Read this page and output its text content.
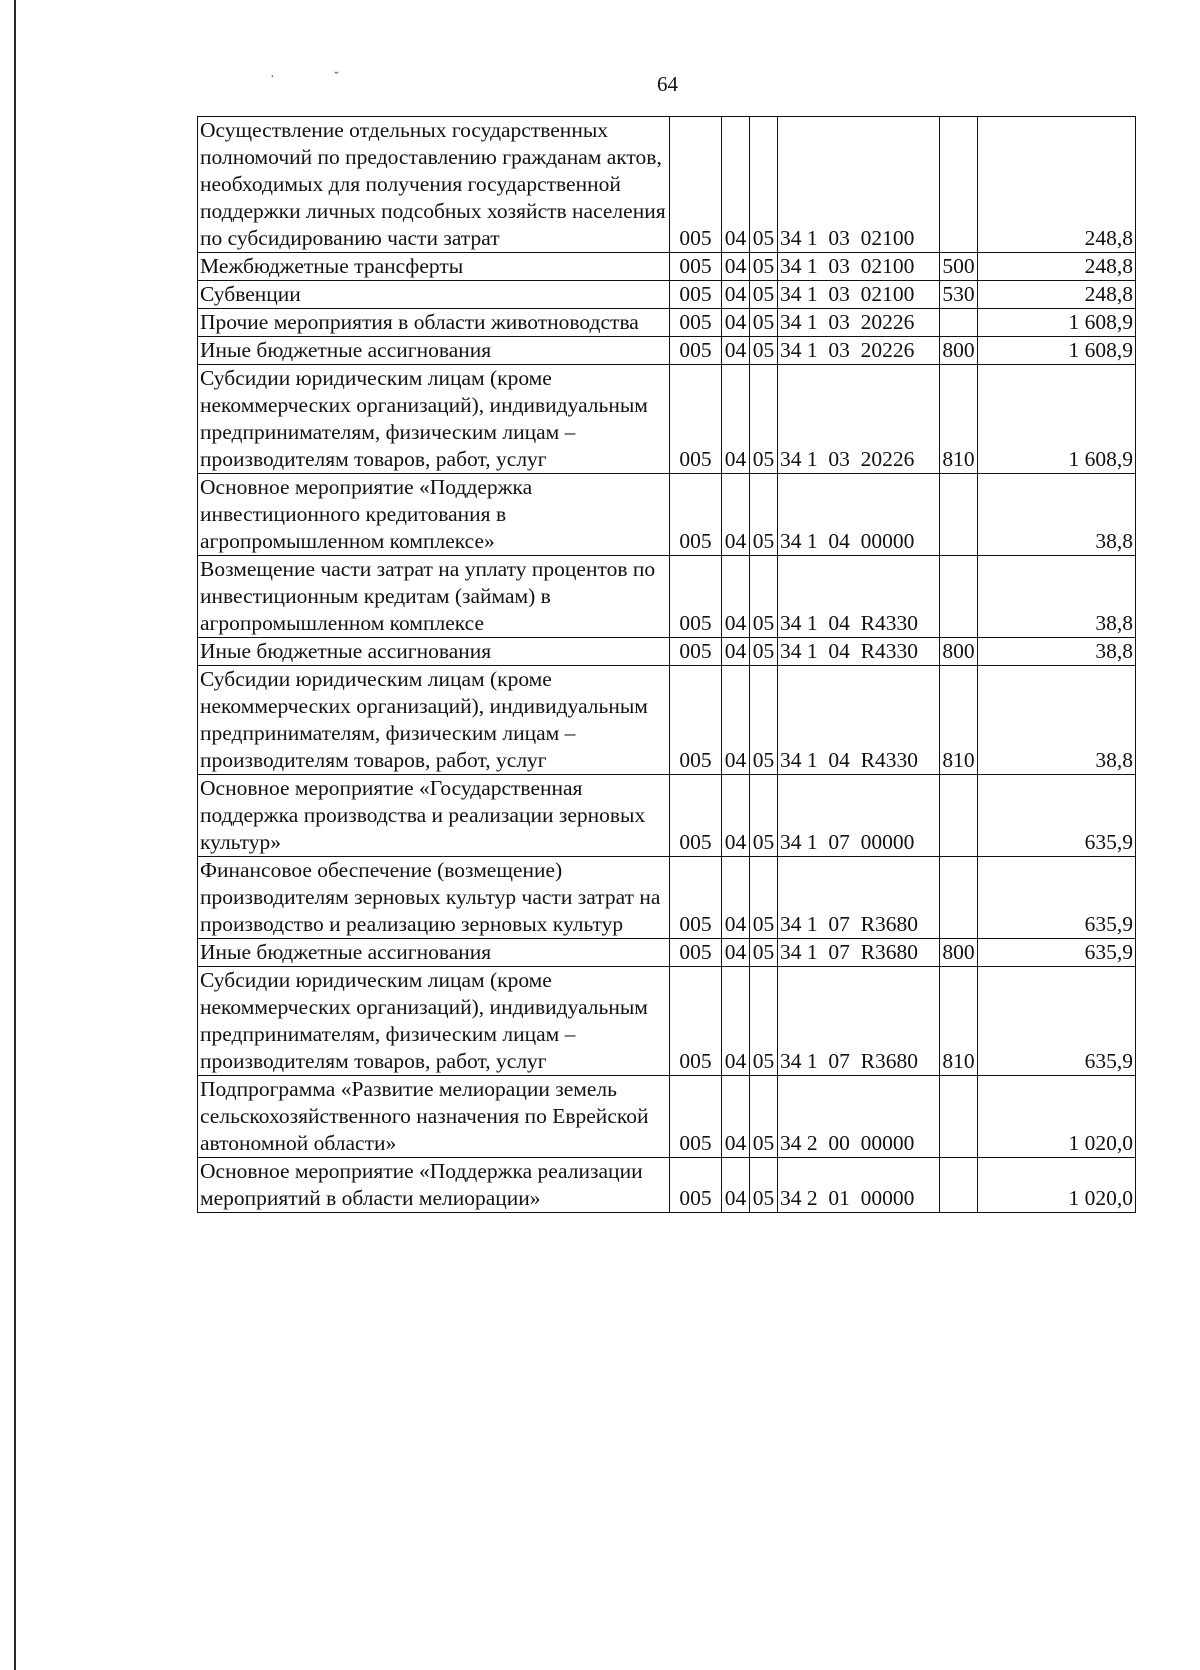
· ˘	64
Осуществление отдельных государственных полномочий по предоставлению гражданам актов, необходимых для получения государственной поддержки личных подсобных хозяйств населения по субсидированию части затрат	005	04	05	34 1  03  02100		248,8
Межбюджетные трансферты	005	04	05	34 1  03  02100	500	248,8
Субвенции	005	04	05	34 1  03  02100	530	248,8
Прочие мероприятия в области животноводства	005	04	05	34 1  03  20226		1 608,9
Иные бюджетные ассигнования	005	04	05	34 1  03  20226	800	1 608,9
Субсидии юридическим лицам (кроме некоммерческих организаций), индивидуальным предпринимателям, физическим лицам – производителям товаров, работ, услуг	005	04	05	34 1  03  20226	810	1 608,9
Основное мероприятие «Поддержка инвестиционного кредитования в агропромышленном комплексе»	005	04	05	34 1  04  00000		38,8
Возмещение части затрат на уплату процентов по инвестиционным кредитам (займам) в агропромышленном комплексе	005	04	05	34 1  04  R4330		38,8
Иные бюджетные ассигнования	005	04	05	34 1  04  R4330	800	38,8
Субсидии юридическим лицам (кроме некоммерческих организаций), индивидуальным предпринимателям, физическим лицам – производителям товаров, работ, услуг	005	04	05	34 1  04  R4330	810	38,8
Основное мероприятие «Государственная поддержка производства и реализации зерновых культур»	005	04	05	34 1  07  00000		635,9
Финансовое обеспечение (возмещение) производителям зерновых культур части затрат на производство и реализацию зерновых культур	005	04	05	34 1  07  R3680		635,9
Иные бюджетные ассигнования	005	04	05	34 1  07  R3680	800	635,9
Субсидии юридическим лицам (кроме некоммерческих организаций), индивидуальным предпринимателям, физическим лицам – производителям товаров, работ, услуг	005	04	05	34 1  07  R3680	810	635,9
Подпрограмма «Развитие мелиорации земель сельскохозяйственного назначения по Еврейской автономной области»	005	04	05	34 2  00  00000		1 020,0
Основное мероприятие «Поддержка реализации мероприятий в области мелиорации»	005	04	05	34 2  01  00000		1 020,0
